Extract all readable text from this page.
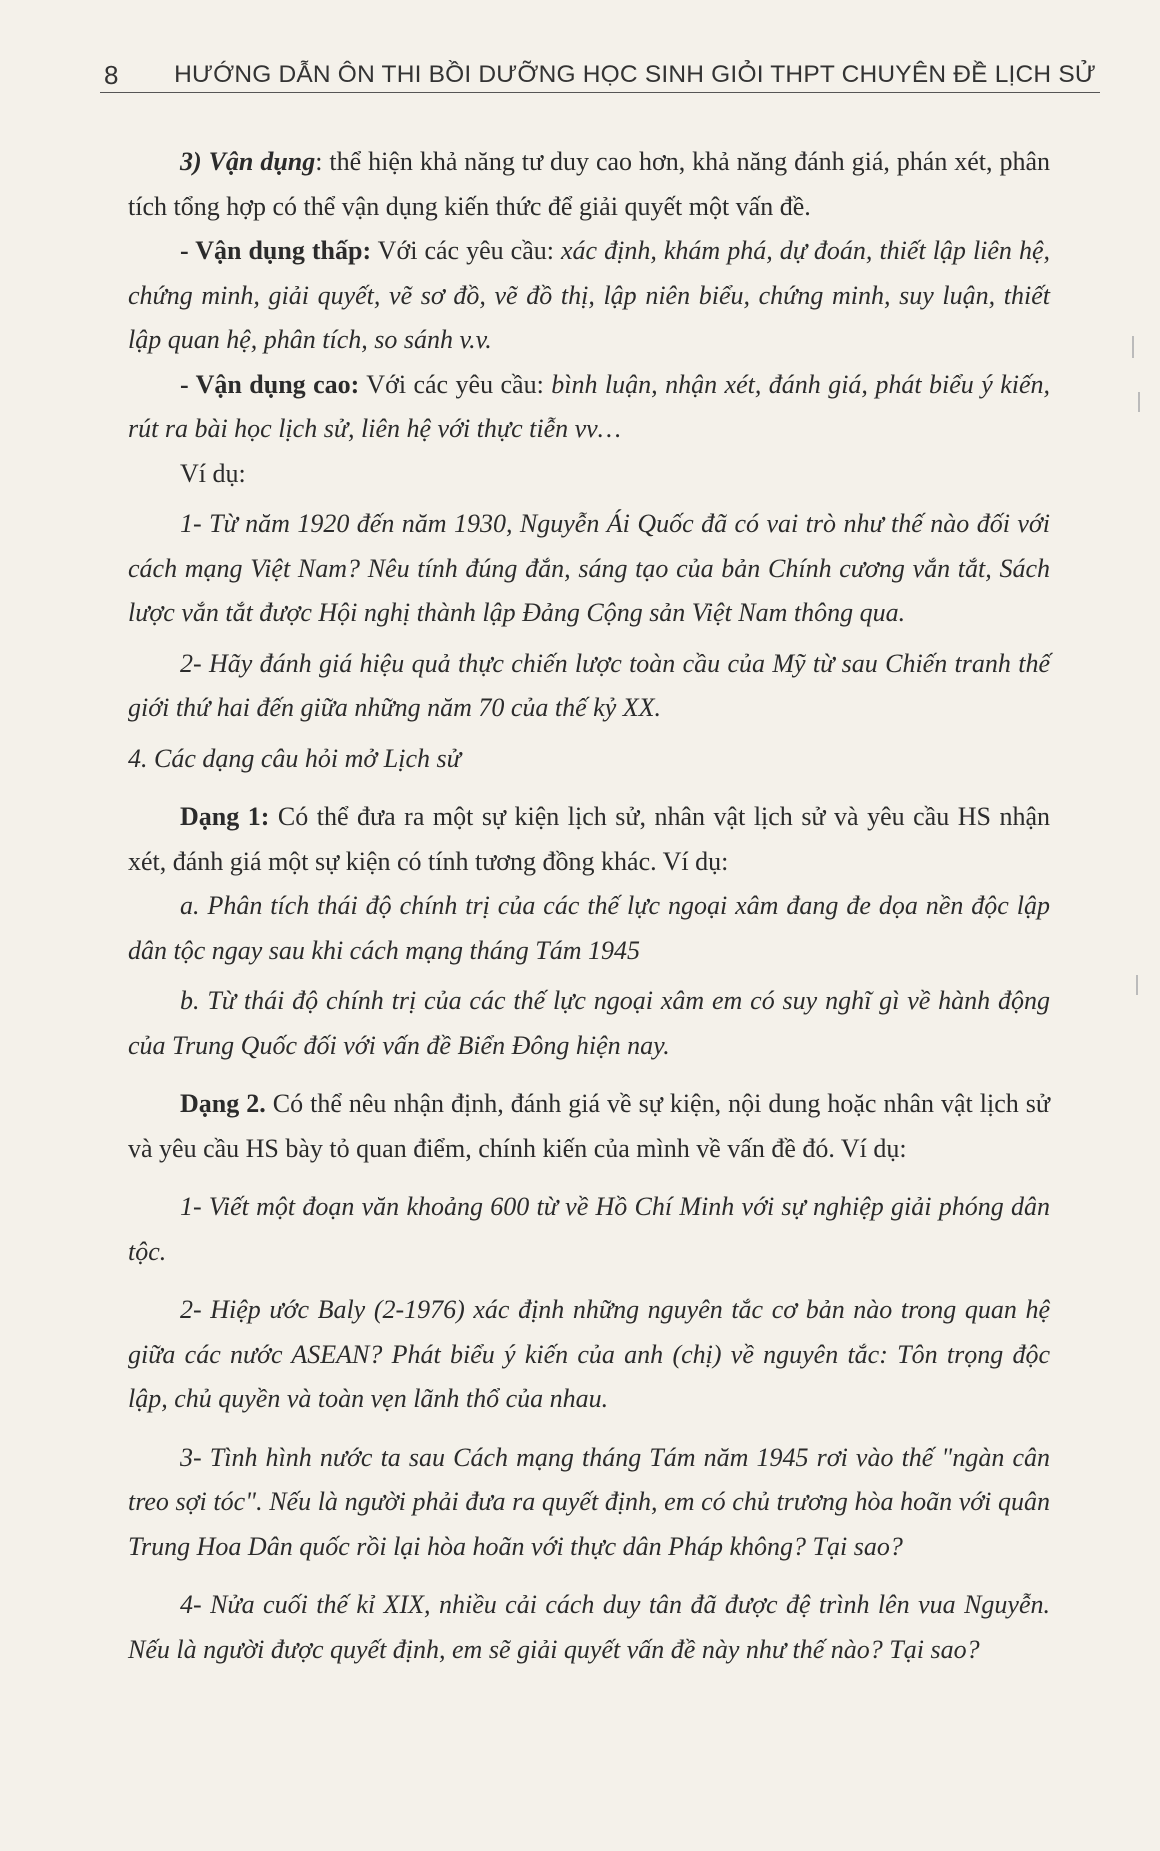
8	HƯỚNG DẪN ÔN THI BỒI DƯỠNG HỌC SINH GIỎI THPT CHUYÊN ĐỀ LỊCH SỬ

3) Vận dụng: thể hiện khả năng tư duy cao hơn, khả năng đánh giá, phán xét, phân tích tổng hợp có thể vận dụng kiến thức để giải quyết một vấn đề.

- Vận dụng thấp: Với các yêu cầu: xác định, khám phá, dự đoán, thiết lập liên hệ, chứng minh, giải quyết, vẽ sơ đồ, vẽ đồ thị, lập niên biểu, chứng minh, suy luận, thiết lập quan hệ, phân tích, so sánh v.v.

- Vận dụng cao: Với các yêu cầu: bình luận, nhận xét, đánh giá, phát biểu ý kiến, rút ra bài học lịch sử, liên hệ với thực tiễn vv…

Ví dụ:

1- Từ năm 1920 đến năm 1930, Nguyễn Ái Quốc đã có vai trò như thế nào đối với cách mạng Việt Nam? Nêu tính đúng đắn, sáng tạo của bản Chính cương vắn tắt, Sách lược vắn tắt được Hội nghị thành lập Đảng Cộng sản Việt Nam thông qua.

2- Hãy đánh giá hiệu quả thực chiến lược toàn cầu của Mỹ từ sau Chiến tranh thế giới thứ hai đến giữa những năm 70 của thế kỷ XX.

4. Các dạng câu hỏi mở Lịch sử

Dạng 1: Có thể đưa ra một sự kiện lịch sử, nhân vật lịch sử và yêu cầu HS nhận xét, đánh giá một sự kiện có tính tương đồng khác. Ví dụ:

a. Phân tích thái độ chính trị của các thế lực ngoại xâm đang đe dọa nền độc lập dân tộc ngay sau khi cách mạng tháng Tám 1945

b. Từ thái độ chính trị của các thế lực ngoại xâm em có suy nghĩ gì về hành động của Trung Quốc đối với vấn đề Biển Đông hiện nay.

Dạng 2. Có thể nêu nhận định, đánh giá về sự kiện, nội dung hoặc nhân vật lịch sử và yêu cầu HS bày tỏ quan điểm, chính kiến của mình về vấn đề đó. Ví dụ:

1- Viết một đoạn văn khoảng 600 từ về Hồ Chí Minh với sự nghiệp giải phóng dân tộc.

2- Hiệp ước Baly (2-1976) xác định những nguyên tắc cơ bản nào trong quan hệ giữa các nước ASEAN? Phát biểu ý kiến của anh (chị) về nguyên tắc: Tôn trọng độc lập, chủ quyền và toàn vẹn lãnh thổ của nhau.

3- Tình hình nước ta sau Cách mạng tháng Tám năm 1945 rơi vào thế "ngàn cân treo sợi tóc". Nếu là người phải đưa ra quyết định, em có chủ trương hòa hoãn với quân Trung Hoa Dân quốc rồi lại hòa hoãn với thực dân Pháp không? Tại sao?

4- Nửa cuối thế kỉ XIX, nhiều cải cách duy tân đã được đệ trình lên vua Nguyễn. Nếu là người được quyết định, em sẽ giải quyết vấn đề này như thế nào? Tại sao?
